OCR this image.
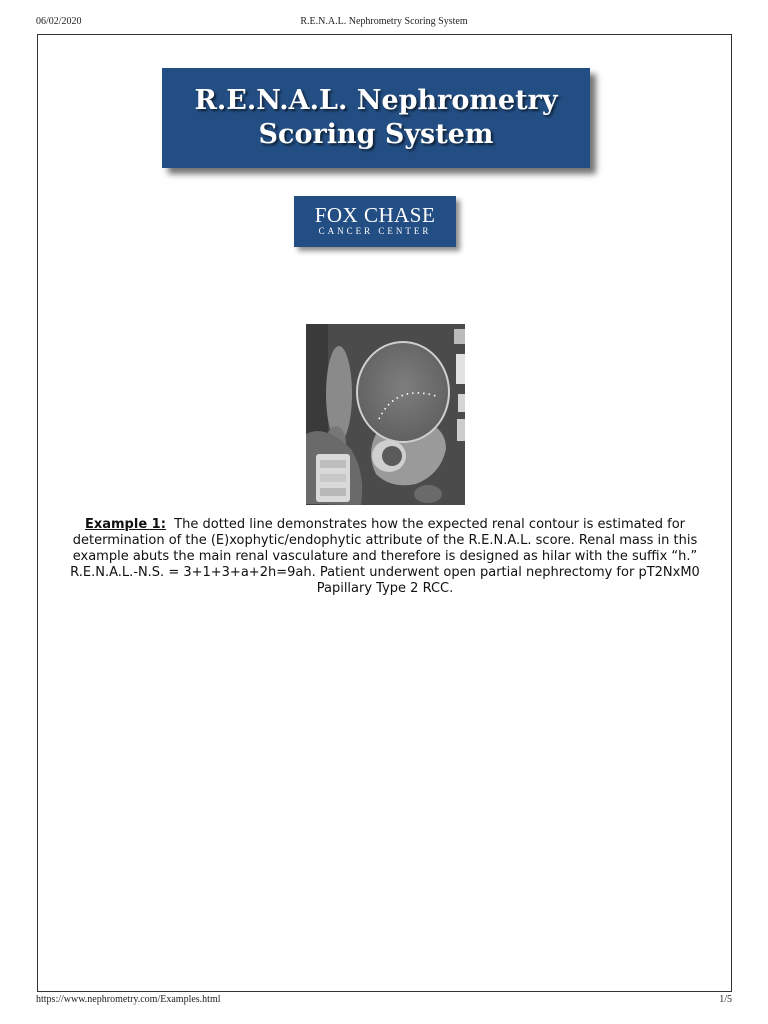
06/02/2020	R.E.N.A.L. Nephrometry Scoring System
R.E.N.A.L. Nephrometry
Scoring System
FOX CHASE
CANCER CENTER
Example 1: The dotted line demonstrates how the expected renal contour is estimated for determination of the (E)xophytic/endophytic attribute of the R.E.N.A.L. score. Renal mass in this example abuts the main renal vasculature and therefore is designed as hilar with the suffix “h.” R.E.N.A.L.-N.S. = 3+1+3+a+2h=9ah. Patient underwent open partial nephrectomy for pT2NxM0 Papillary Type 2 RCC.
https://www.nephrometry.com/Examples.html	1/5
